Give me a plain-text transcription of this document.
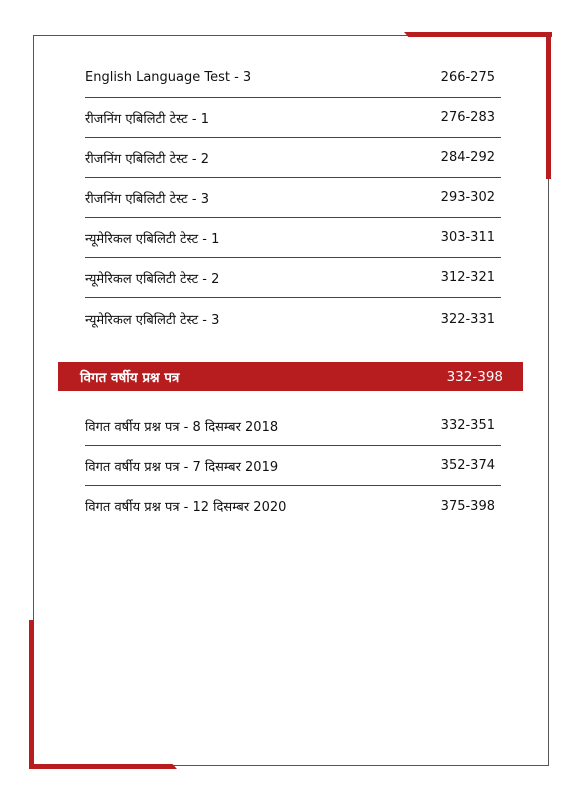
English Language Test - 3	266-275
रीजनिंग एबिलिटी टेस्ट - 1	276-283
रीजनिंग एबिलिटी टेस्ट - 2	284-292
रीजनिंग एबिलिटी टेस्ट - 3	293-302
न्यूमेरिकल एबिलिटी टेस्ट - 1	303-311
न्यूमेरिकल एबिलिटी टेस्ट - 2	312-321
न्यूमेरिकल एबिलिटी टेस्ट - 3	322-331
विगत वर्षीय प्रश्न पत्र	332-398
विगत वर्षीय प्रश्न पत्र - 8 दिसम्बर 2018	332-351
विगत वर्षीय प्रश्न पत्र - 7 दिसम्बर 2019	352-374
विगत वर्षीय प्रश्न पत्र - 12 दिसम्बर 2020	375-398
